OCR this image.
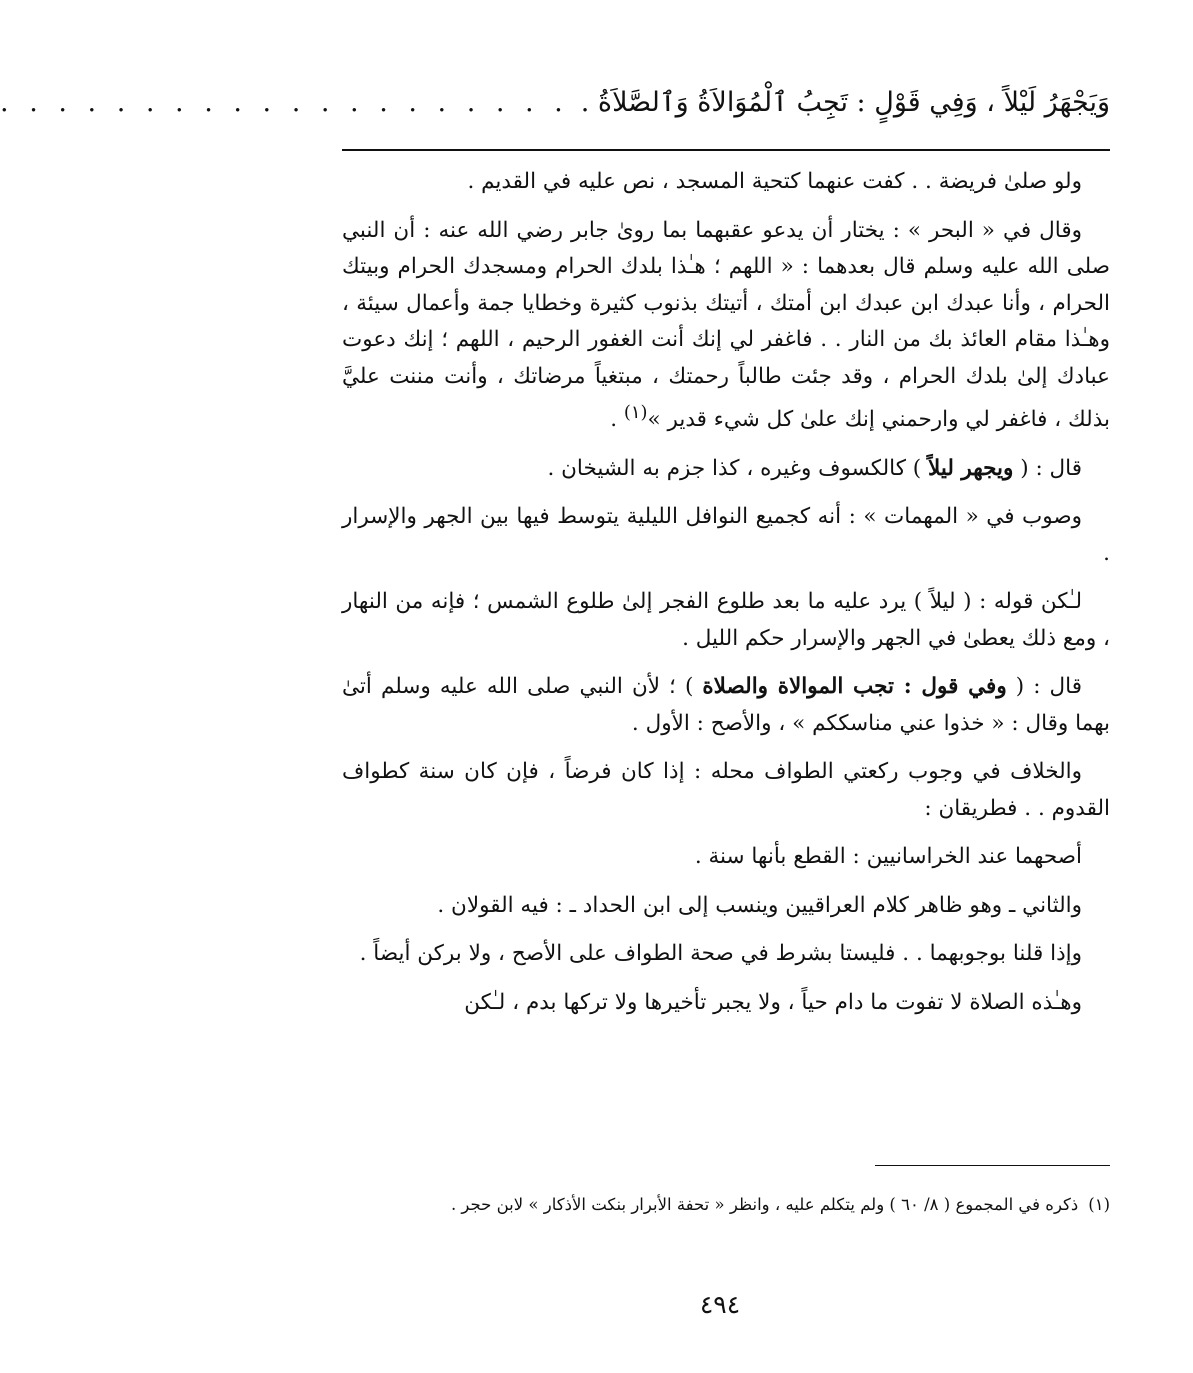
وَيَجْهَرُ لَيْلاً ، وَفِي قَوْلٍ : تَجِبُ ٱلْمُوَالاَةُ وَٱلصَّلاَةُ .
. . . . . . . . . . . . . . . . . . . .

ولو صلىٰ فريضة . . كفت عنهما كتحية المسجد ، نص عليه في القديم .

وقال في « البحر » : يختار أن يدعو عقبهما بما روىٰ جابر رضي الله عنه : أن النبي صلى الله عليه وسلم قال بعدهما : « اللهم ؛ هـٰذا بلدك الحرام ومسجدك الحرام وبيتك الحرام ، وأنا عبدك ابن عبدك ابن أمتك ، أتيتك بذنوب كثيرة وخطايا جمة وأعمال سيئة ، وهـٰذا مقام العائذ بك من النار . . فاغفر لي إنك أنت الغفور الرحيم ، اللهم ؛ إنك دعوت عبادك إلىٰ بلدك الحرام ، وقد جئت طالباً رحمتك ، مبتغياً مرضاتك ، وأنت مننت عليَّ بذلك ، فاغفر لي وارحمني إنك علىٰ كل شيء قدير »$^{(١)}$ .

قال : ( ويجهر ليلاً ) كالكسوف وغيره ، كذا جزم به الشيخان .

وصوب في « المهمات » : أنه كجميع النوافل الليلية يتوسط فيها بين الجهر والإسرار .

لـٰكن قوله : ( ليلاً ) يرد عليه ما بعد طلوع الفجر إلىٰ طلوع الشمس ؛ فإنه من النهار ، ومع ذلك يعطىٰ في الجهر والإسرار حكم الليل .

قال : ( وفي قول : تجب الموالاة والصلاة ) ؛ لأن النبي صلى الله عليه وسلم أتىٰ بهما وقال : « خذوا عني مناسككم » ، والأصح : الأول .

والخلاف في وجوب ركعتي الطواف محله : إذا كان فرضاً ، فإن كان سنة كطواف القدوم . . فطريقان :

أصحهما عند الخراسانيين : القطع بأنها سنة .

والثاني ـ وهو ظاهر كلام العراقيين وينسب إلى ابن الحداد ـ : فيه القولان .

وإذا قلنا بوجوبهما . . فليستا بشرط في صحة الطواف على الأصح ، ولا بركن أيضاً .

وهـٰذه الصلاة لا تفوت ما دام حياً ، ولا يجبر تأخيرها ولا تركها بدم ، لـٰكن

(١)ذكره في المجموع ( ٨/ ٦٠ ) ولم يتكلم عليه ، وانظر « تحفة الأبرار بنكت الأذكار » لابن حجر .
٤٩٤
